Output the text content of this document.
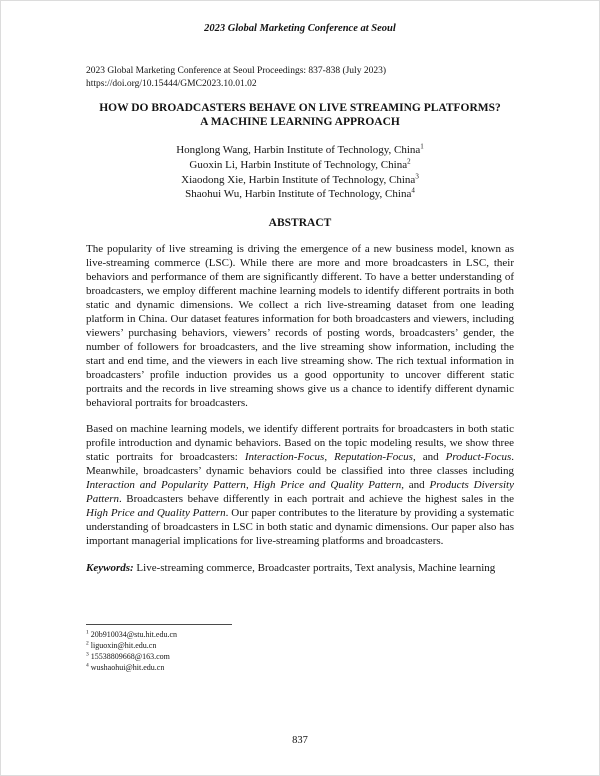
2023 Global Marketing Conference at Seoul
2023 Global Marketing Conference at Seoul Proceedings: 837-838 (July 2023)
https://doi.org/10.15444/GMC2023.10.01.02
HOW DO BROADCASTERS BEHAVE ON LIVE STREAMING PLATFORMS?
A MACHINE LEARNING APPROACH
Honglong Wang, Harbin Institute of Technology, China$^1$
Guoxin Li, Harbin Institute of Technology, China$^2$
Xiaodong Xie, Harbin Institute of Technology, China$^3$
Shaohui Wu, Harbin Institute of Technology, China$^4$
ABSTRACT

The popularity of live streaming is driving the emergence of a new business model, known as live-streaming commerce (LSC). While there are more and more broadcasters in LSC, their behaviors and performance of them are significantly different. To have a better understanding of broadcasters, we employ different machine learning models to identify different portraits in both static and dynamic dimensions. We collect a rich live-streaming dataset from one leading platform in China. Our dataset features information for both broadcasters and viewers, including viewers’ purchasing behaviors, viewers’ records of posting words, broadcasters’ gender, the number of followers for broadcasters, and the live streaming show information, including the start and end time, and the viewers in each live streaming show. The rich textual information in broadcasters’ profile induction provides us a good opportunity to uncover different static portraits and the records in live streaming shows give us a chance to identify different dynamic behavioral portraits for broadcasters.

Based on machine learning models, we identify different portraits for broadcasters in both static profile introduction and dynamic behaviors. Based on the topic modeling results, we show three static portraits for broadcasters: Interaction-Focus, Reputation-Focus, and Product-Focus. Meanwhile, broadcasters’ dynamic behaviors could be classified into three classes including Interaction and Popularity Pattern, High Price and Quality Pattern, and Products Diversity Pattern. Broadcasters behave differently in each portrait and achieve the highest sales in the High Price and Quality Pattern. Our paper contributes to the literature by providing a systematic understanding of broadcasters in LSC in both static and dynamic dimensions. Our paper also has important managerial implications for live-streaming platforms and broadcasters.

Keywords: Live-streaming commerce, Broadcaster portraits, Text analysis, Machine learning

$^1$ 20b910034@stu.hit.edu.cn
$^2$ liguoxin@hit.edu.cn
$^3$ 15538809668@163.com
$^4$ wushaohui@hit.edu.cn
837
